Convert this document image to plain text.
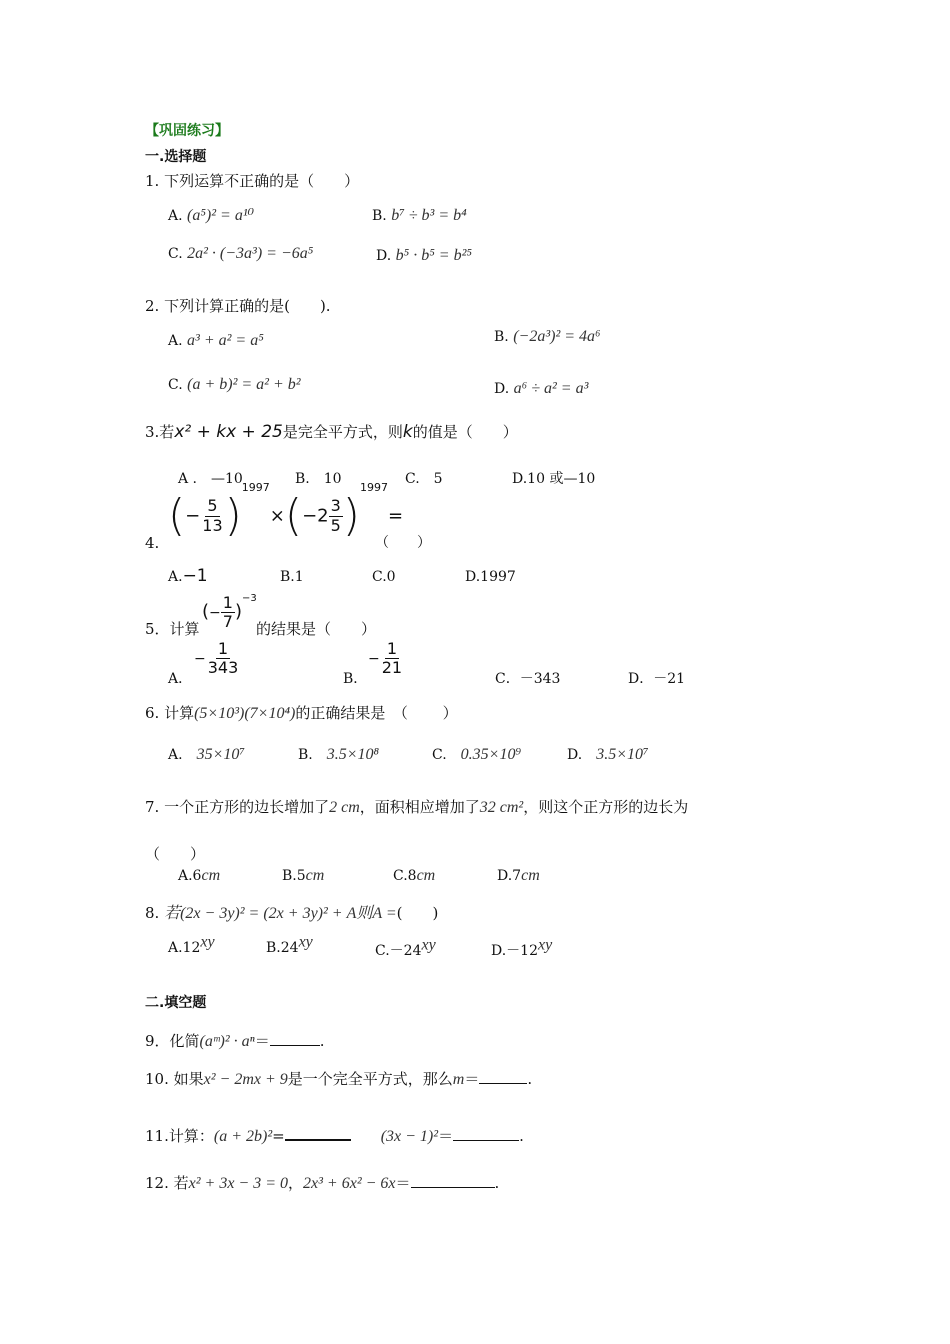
【巩固练习】
一.选择题
1. 下列运算不正确的是（　　）
A. (a⁵)² = a¹⁰	B. b⁷ ÷ b³ = b⁴
C. 2a² · (−3a³) = −6a⁵	D. b⁵ · b⁵ = b²⁵
2. 下列计算正确的是(　　).
A. a³ + a² = a⁵	B. (−2a³)² = 4a⁶
C. (a + b)² = a² + b²	D. a⁶ ÷ a² = a³
3.若x² + kx + 25是完全平方式，则k的值是（　　）
A .　—10	B.　10	C.　5	D.10 或—10
4.
(− $\frac{5}{13} )^{1997}\times(-2 \frac{3}{5} )^{1997}=$
（　　）
A.−1	B.1	C.0	D.1997
5．计算
(− $\frac{1}{7} )^{-3}$
的结果是（　　）
A．
− $\frac{1}{343}$
B．
− $\frac{1}{21}$
C．－343	D．－21
6. 计算(5×10³)(7×10⁴)的正确结果是　（　　 ）
A.　 35×10⁷	B.　 3.5×10⁸	C.　 0.35×10⁹	D.　 3.5×10⁷
7. 一个正方形的边长增加了2 cm，面积相应增加了32 cm²，则这个正方形的边长为
（　　）
A.6cm	B.5cm	C.8cm	D.7cm
8. 若(2x − 3y)² = (2x + 3y)² + A则A =(　　)
$A.12^{xy}$	$B.24^{xy}$
$C.-24^{xy}$	$D.-12^{xy}$
二.填空题
9．化简(aᵐ)² · aⁿ＝	.
10. 如果x² − 2mx + 9是一个完全平方式，那么m＝	.
11.计算：(a + 2b)²=　　	(3x − 1)²＝	.
12. 若x² + 3x − 3 = 0，2x³ + 6x² − 6x＝	.
